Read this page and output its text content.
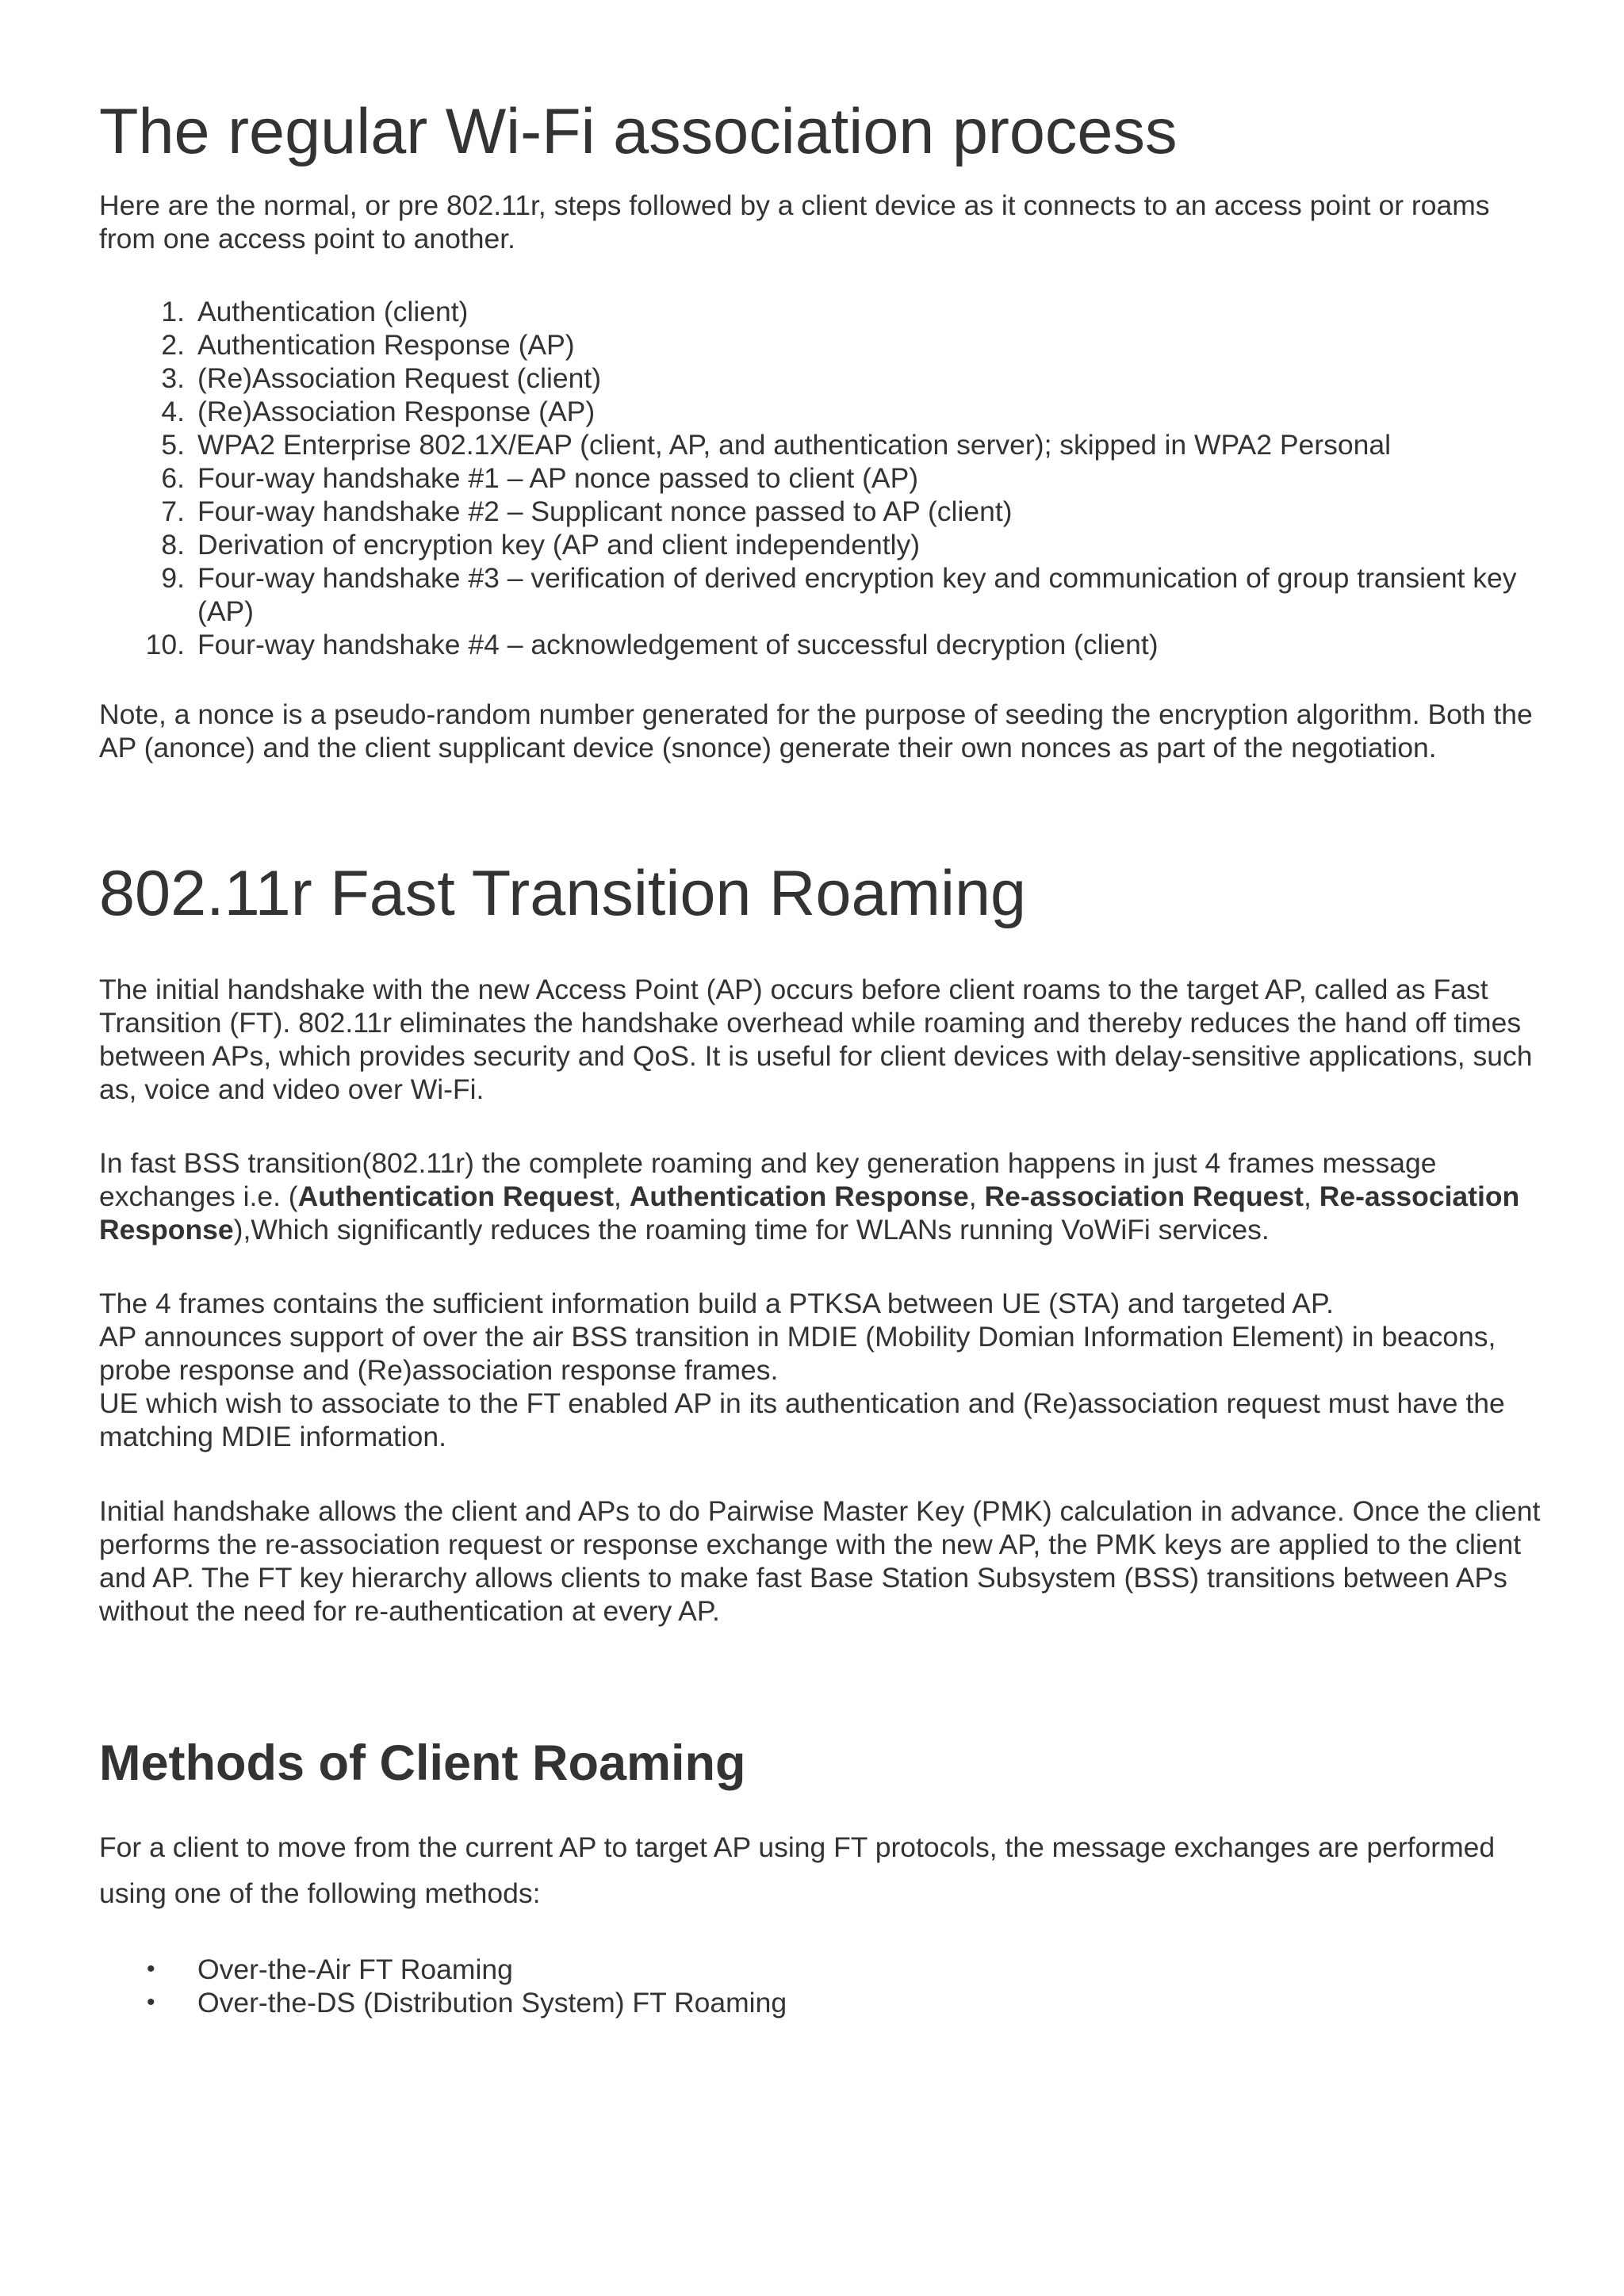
The regular Wi-Fi association process

Here are the normal, or pre 802.11r, steps followed by a client device as it connects to an access point or roams from one access point to another.

1. Authentication (client)
2. Authentication Response (AP)
3. (Re)Association Request (client)
4. (Re)Association Response (AP)
5. WPA2 Enterprise 802.1X/EAP (client, AP, and authentication server); skipped in WPA2 Personal
6. Four-way handshake #1 – AP nonce passed to client (AP)
7. Four-way handshake #2 – Supplicant nonce passed to AP (client)
8. Derivation of encryption key (AP and client independently)
9. Four-way handshake #3 – verification of derived encryption key and communication of group transient key (AP)
10. Four-way handshake #4 – acknowledgement of successful decryption (client)

Note, a nonce is a pseudo-random number generated for the purpose of seeding the encryption algorithm. Both the AP (anonce) and the client supplicant device (snonce) generate their own nonces as part of the negotiation.

802.11r Fast Transition Roaming

The initial handshake with the new Access Point (AP) occurs before client roams to the target AP, called as Fast Transition (FT). 802.11r eliminates the handshake overhead while roaming and thereby reduces the hand off times between APs, which provides security and QoS. It is useful for client devices with delay-sensitive applications, such as, voice and video over Wi-Fi.

In fast BSS transition(802.11r) the complete roaming and key generation happens in just 4 frames message exchanges i.e. (Authentication Request, Authentication Response, Re-association Request, Re-association Response),Which significantly reduces the roaming time for WLANs running VoWiFi services.

The 4 frames contains the sufficient information build a PTKSA between UE (STA) and targeted AP.
AP announces support of over the air BSS transition in MDIE (Mobility Domian Information Element) in beacons, probe response and (Re)association response frames.
UE which wish to associate to the FT enabled AP in its authentication and (Re)association request must have the matching MDIE information.

Initial handshake allows the client and APs to do Pairwise Master Key (PMK) calculation in advance. Once the client performs the re-association request or response exchange with the new AP, the PMK keys are applied to the client and AP. The FT key hierarchy allows clients to make fast Base Station Subsystem (BSS) transitions between APs without the need for re-authentication at every AP.

Methods of Client Roaming

For a client to move from the current AP to target AP using FT protocols, the message exchanges are performed using one of the following methods:

• Over-the-Air FT Roaming
• Over-the-DS (Distribution System) FT Roaming
